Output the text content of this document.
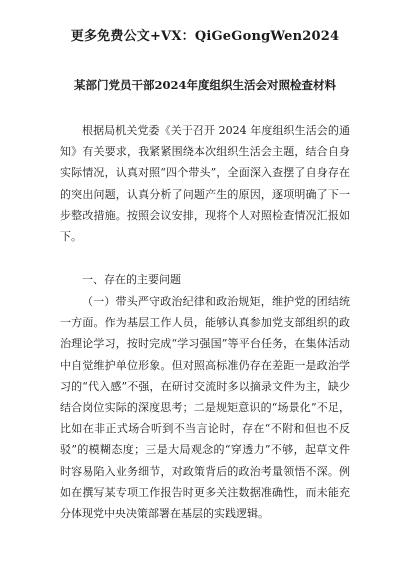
更多免费公文+VX：QiGeGongWen2024
某部门党员干部2024年度组织生活会对照检查材料

根据局机关党委《关于召开 2024 年度组织生活会的通知》有关要求，我紧紧围绕本次组织生活会主题，结合自身实际情况，认真对照“四个带头”，全面深入查摆了自身存在的突出问题，认真分析了问题产生的原因，逐项明确了下一步整改措施。按照会议安排，现将个人对照检查情况汇报如下。

一、存在的主要问题

（一）带头严守政治纪律和政治规矩，维护党的团结统一方面。作为基层工作人员，能够认真参加党支部组织的政治理论学习，按时完成“学习强国”等平台任务，在集体活动中自觉维护单位形象。但对照高标准仍存在差距一是政治学习的“代入感”不强，在研讨交流时多以摘录文件为主，缺少结合岗位实际的深度思考；二是规矩意识的“场景化”不足，比如在非正式场合听到不当言论时，存在“不附和但也不反驳”的模糊态度；三是大局观念的“穿透力”不够，起草文件时容易陷入业务细节，对政策背后的政治考量领悟不深。例如在撰写某专项工作报告时更多关注数据准确性，而未能充分体现党中央决策部署在基层的实践逻辑。
